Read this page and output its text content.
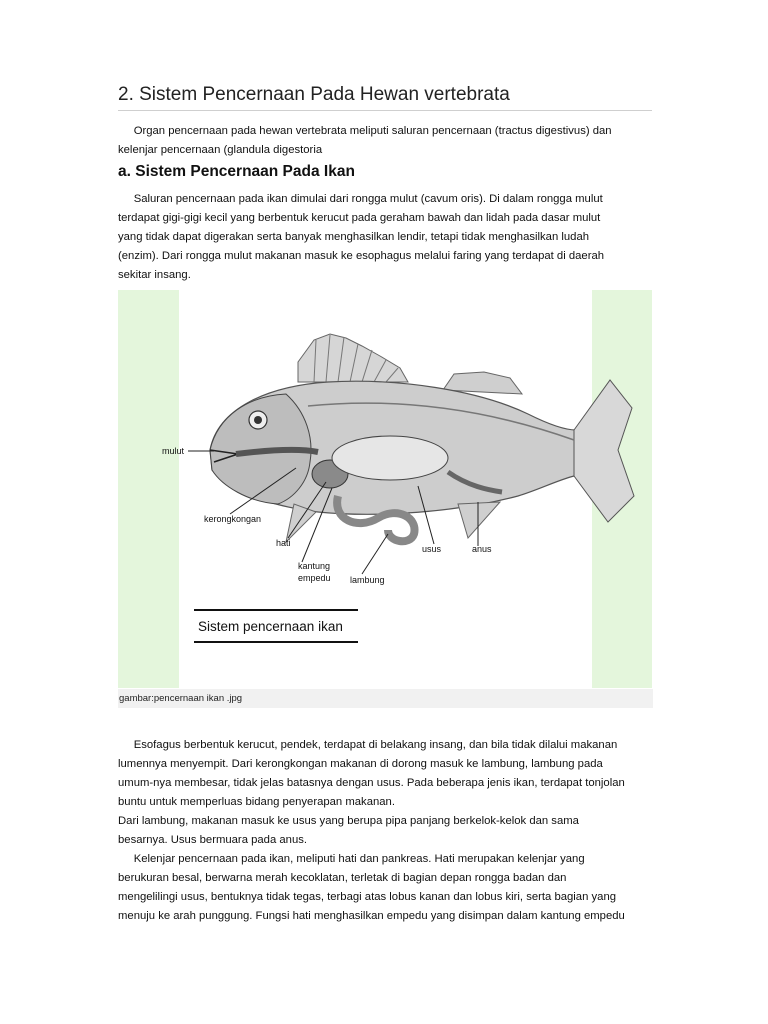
2. Sistem Pencernaan Pada Hewan vertebrata
Organ pencernaan pada hewan vertebrata meliputi saluran pencernaan (tractus digestivus) dan
kelenjar pencernaan (glandula digestoria
a. Sistem Pencernaan Pada Ikan
Saluran pencernaan pada ikan dimulai dari rongga mulut (cavum oris). Di dalam rongga mulut
terdapat gigi-gigi kecil yang berbentuk kerucut pada geraham bawah dan lidah pada dasar mulut
yang tidak dapat digerakan serta banyak menghasilkan lendir, tetapi tidak menghasilkan ludah
(enzim). Dari rongga mulut makanan masuk ke esophagus melalui faring yang terdapat di daerah
sekitar insang.
mulut
kerongkongan
hati
kantung
empedu lambung
usus	anus
Sistem pencernaan ikan
gambar:pencernaan ikan .jpg
Esofagus berbentuk kerucut, pendek, terdapat di belakang insang, dan bila tidak dilalui makanan
lumennya menyempit. Dari kerongkongan makanan di dorong masuk ke lambung, lambung pada
umum-nya membesar, tidak jelas batasnya dengan usus. Pada beberapa jenis ikan, terdapat tonjolan
buntu untuk memperluas bidang penyerapan makanan.
Dari lambung, makanan masuk ke usus yang berupa pipa panjang berkelok-kelok dan sama
besarnya. Usus bermuara pada anus.
Kelenjar pencernaan pada ikan, meliputi hati dan pankreas. Hati merupakan kelenjar yang
berukuran besal, berwarna merah kecoklatan, terletak di bagian depan rongga badan dan
mengelilingi usus, bentuknya tidak tegas, terbagi atas lobus kanan dan lobus kiri, serta bagian yang
menuju ke arah punggung. Fungsi hati menghasilkan empedu yang disimpan dalam kantung empedu
